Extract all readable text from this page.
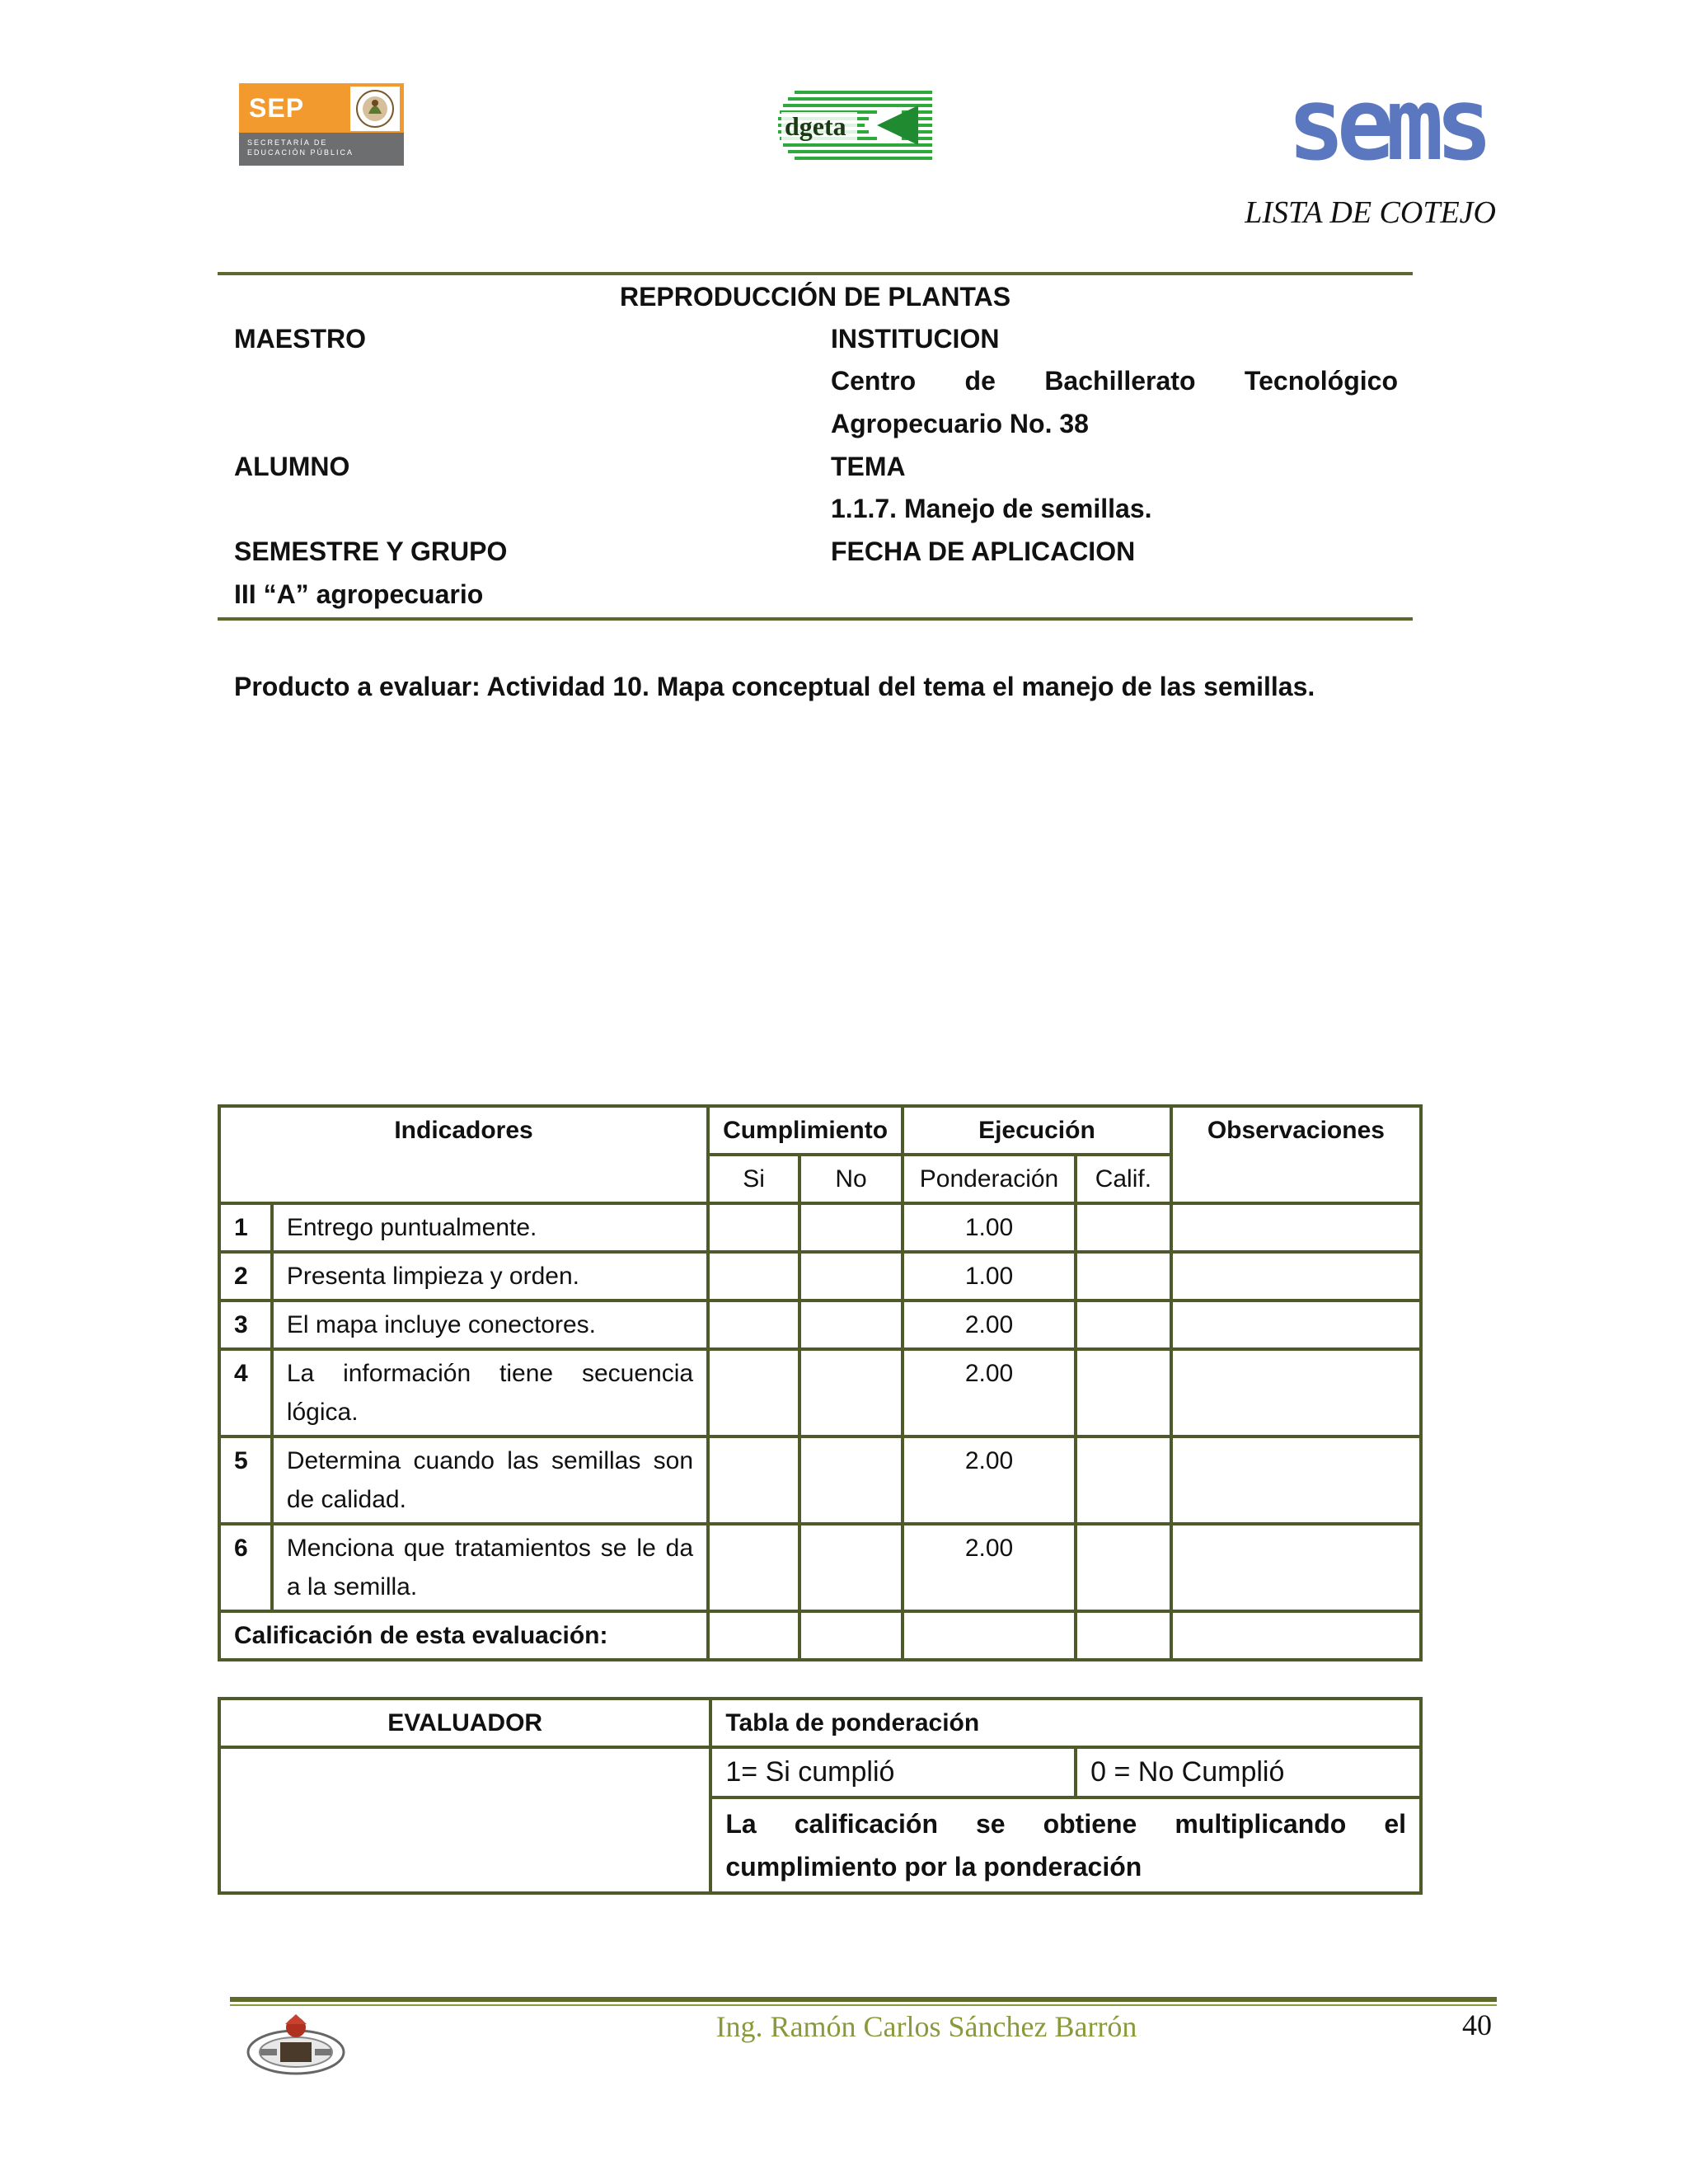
SEP
SECRETARÍA DE
EDUCACIÓN PÚBLICA
dgeta	sems
LISTA DE COTEJO
REPRODUCCIÓN DE PLANTAS
MAESTRO	INSTITUCION
Centro de Bachillerato Tecnológico
Agropecuario No. 38
ALUMNO	TEMA
1.1.7. Manejo de semillas.
SEMESTRE Y GRUPO	FECHA DE APLICACION
III “A” agropecuario
Producto a evaluar: Actividad 10. Mapa conceptual del tema el manejo de las semillas.
Indicadores		Cumplimiento		Ejecución		Observaciones
		Si	No	Ponderación	Calif.	
1	Entrego puntualmente.			1.00		
2	Presenta limpieza y orden.			1.00		
3	El mapa incluye conectores.			2.00		
4	La información tiene secuencia lógica.			2.00		
5	Determina cuando las semillas son de calidad.			2.00		
6	Menciona que tratamientos se le da a la semilla.			2.00		
Calificación de esta evaluación:						
EVALUADOR	Tabla de ponderación	
	1= Si cumplió	0 = No Cumplió
	La calificación se obtiene multiplicando el cumplimiento por la ponderación	
Ing. Ramón Carlos Sánchez Barrón	40
